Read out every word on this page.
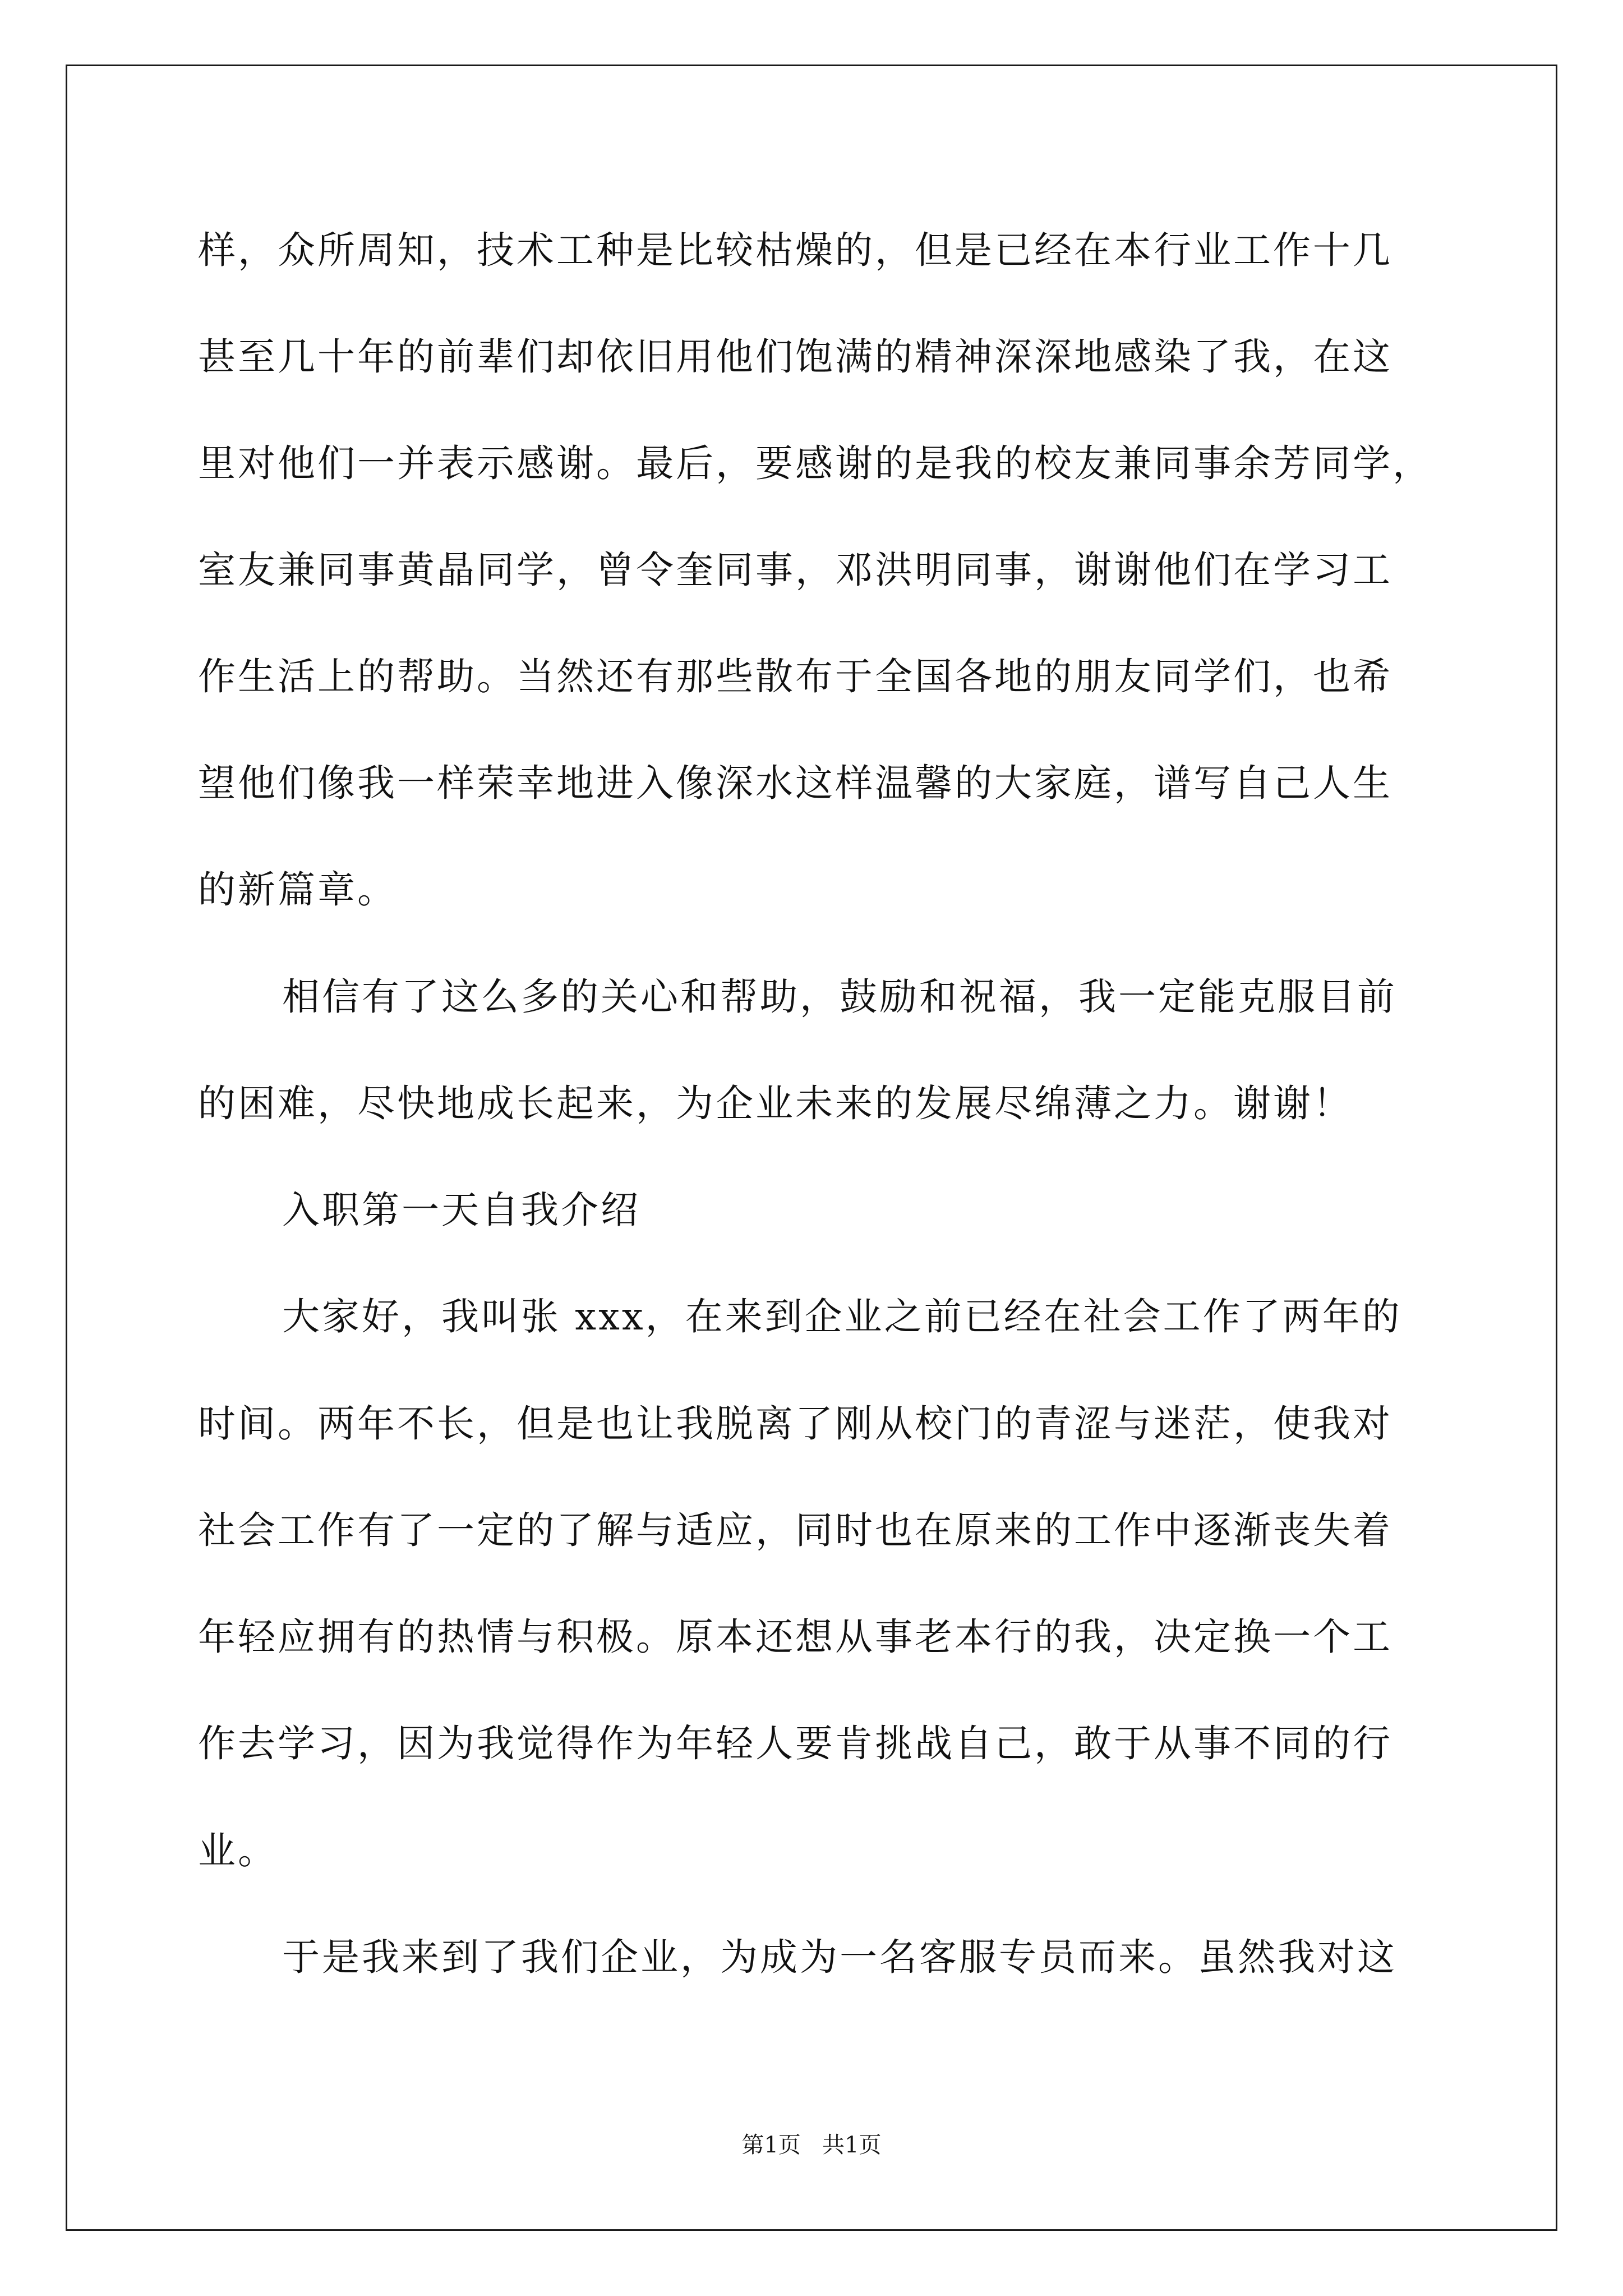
样，众所周知，技术工种是比较枯燥的，但是已经在本行业工作十几
甚至几十年的前辈们却依旧用他们饱满的精神深深地感染了我，在这
里对他们一并表示感谢。最后，要感谢的是我的校友兼同事余芳同学，
室友兼同事黄晶同学，曾令奎同事，邓洪明同事，谢谢他们在学习工
作生活上的帮助。当然还有那些散布于全国各地的朋友同学们，也希
望他们像我一样荣幸地进入像深水这样温馨的大家庭，谱写自己人生
的新篇章。
相信有了这么多的关心和帮助，鼓励和祝福，我一定能克服目前
的困难，尽快地成长起来，为企业未来的发展尽绵薄之力。谢谢！
入职第一天自我介绍
大家好，我叫张 xxx，在来到企业之前已经在社会工作了两年的
时间。两年不长，但是也让我脱离了刚从校门的青涩与迷茫，使我对
社会工作有了一定的了解与适应，同时也在原来的工作中逐渐丧失着
年轻应拥有的热情与积极。原本还想从事老本行的我，决定换一个工
作去学习，因为我觉得作为年轻人要肯挑战自己，敢于从事不同的行
业。
于是我来到了我们企业，为成为一名客服专员而来。虽然我对这
第1页   共1页
